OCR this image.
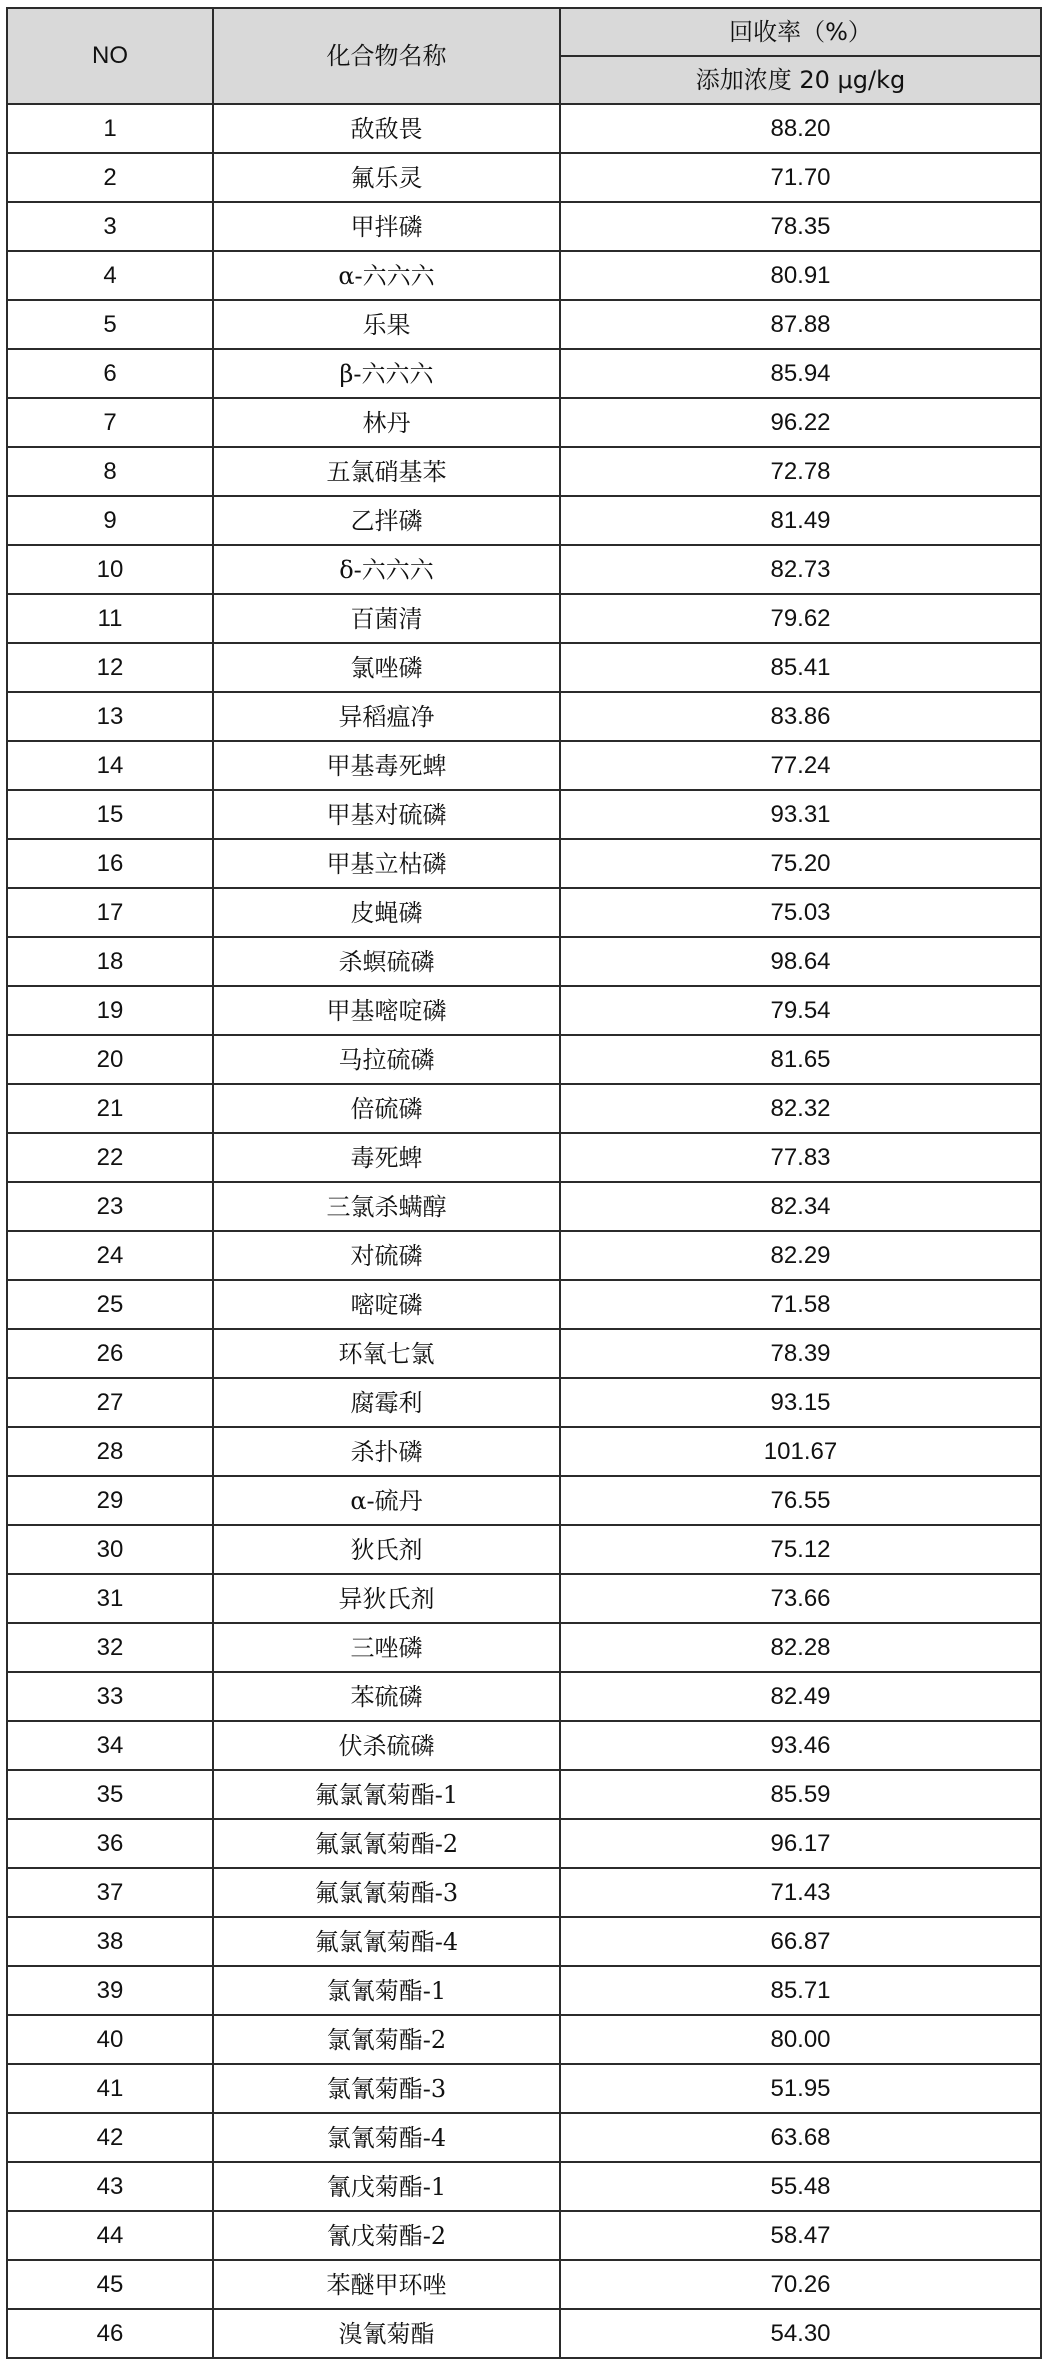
NO	化合物名称	回收率（%）
		添加浓度 20 μg/kg
1	敌敌畏	88.20
2	氟乐灵	71.70
3	甲拌磷	78.35
4	α-六六六	80.91
5	乐果	87.88
6	β-六六六	85.94
7	林丹	96.22
8	五氯硝基苯	72.78
9	乙拌磷	81.49
10	δ-六六六	82.73
11	百菌清	79.62
12	氯唑磷	85.41
13	异稻瘟净	83.86
14	甲基毒死蜱	77.24
15	甲基对硫磷	93.31
16	甲基立枯磷	75.20
17	皮蝇磷	75.03
18	杀螟硫磷	98.64
19	甲基嘧啶磷	79.54
20	马拉硫磷	81.65
21	倍硫磷	82.32
22	毒死蜱	77.83
23	三氯杀螨醇	82.34
24	对硫磷	82.29
25	嘧啶磷	71.58
26	环氧七氯	78.39
27	腐霉利	93.15
28	杀扑磷	101.67
29	α-硫丹	76.55
30	狄氏剂	75.12
31	异狄氏剂	73.66
32	三唑磷	82.28
33	苯硫磷	82.49
34	伏杀硫磷	93.46
35	氟氯氰菊酯-1	85.59
36	氟氯氰菊酯-2	96.17
37	氟氯氰菊酯-3	71.43
38	氟氯氰菊酯-4	66.87
39	氯氰菊酯-1	85.71
40	氯氰菊酯-2	80.00
41	氯氰菊酯-3	51.95
42	氯氰菊酯-4	63.68
43	氰戊菊酯-1	55.48
44	氰戊菊酯-2	58.47
45	苯醚甲环唑	70.26
46	溴氰菊酯	54.30
